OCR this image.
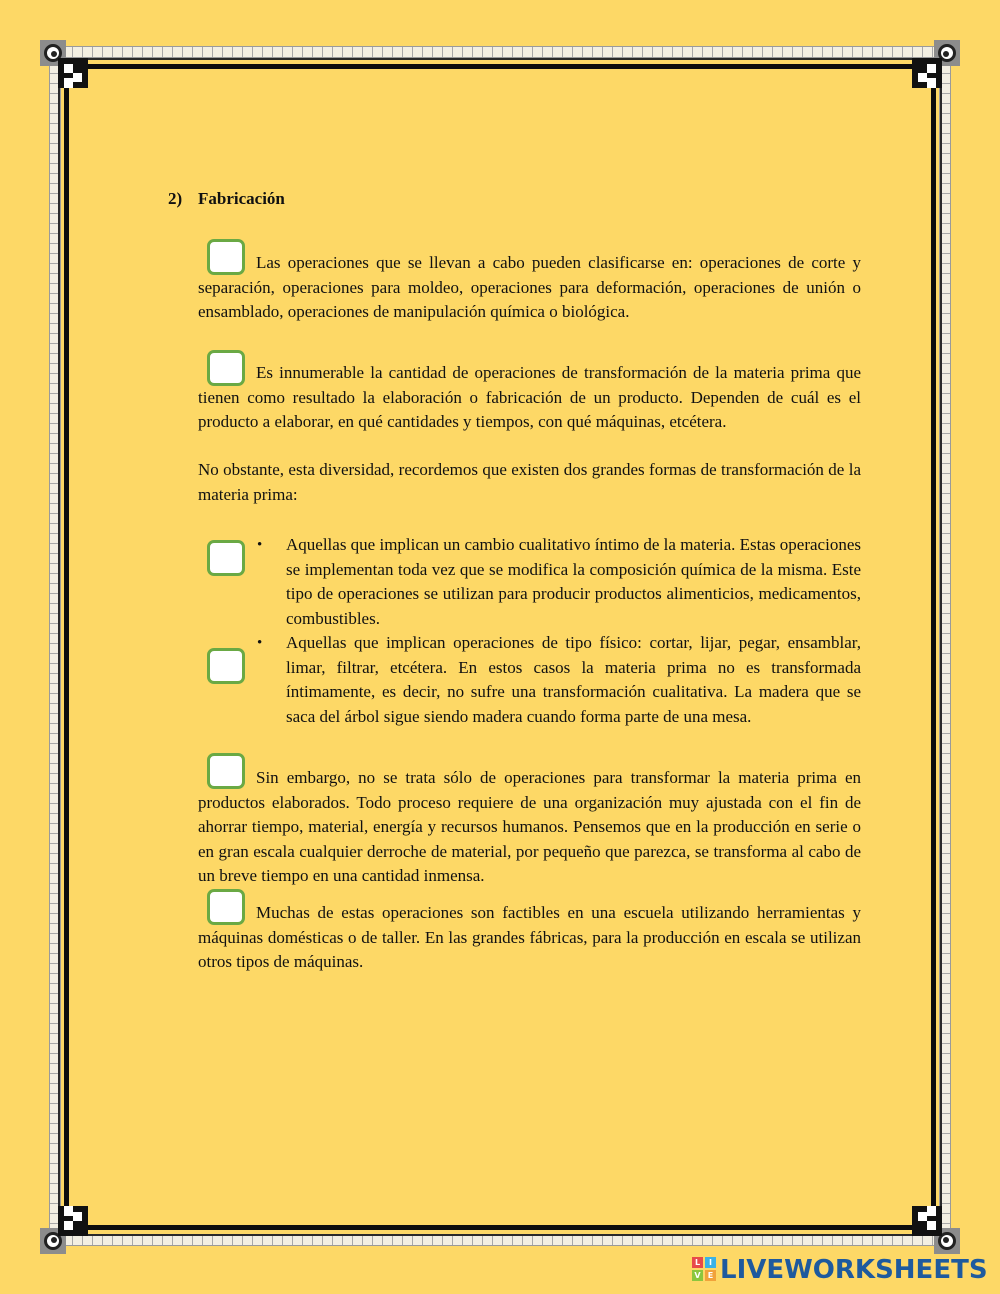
2) Fabricación
Las operaciones que se llevan a cabo pueden clasificarse en: operaciones de corte y separación, operaciones para moldeo, operaciones para deformación, operaciones de unión o ensamblado, operaciones de manipulación química o biológica.
Es innumerable la cantidad de operaciones de transformación de la materia prima que tienen como resultado la elaboración o fabricación de un producto. Dependen de cuál es el producto a elaborar, en qué cantidades y tiempos, con qué máquinas, etcétera.
No obstante, esta diversidad, recordemos que existen dos grandes formas de transformación de la materia prima:
• Aquellas que implican un cambio cualitativo íntimo de la materia. Estas operaciones se implementan toda vez que se modifica la composición química de la misma. Este tipo de operaciones se utilizan para producir productos alimenticios, medicamentos, combustibles.
• Aquellas que implican operaciones de tipo físico: cortar, lijar, pegar, ensamblar, limar, filtrar, etcétera. En estos casos la materia prima no es transformada íntimamente, es decir, no sufre una transformación cualitativa. La madera que se saca del árbol sigue siendo madera cuando forma parte de una mesa.
Sin embargo, no se trata sólo de operaciones para transformar la materia prima en productos elaborados. Todo proceso requiere de una organización muy ajustada con el fin de ahorrar tiempo, material, energía y recursos humanos. Pensemos que en la producción en serie o en gran escala cualquier derroche de material, por pequeño que parezca, se transforma al cabo de un breve tiempo en una cantidad inmensa.
Muchas de estas operaciones son factibles en una escuela utilizando herramientas y máquinas domésticas o de taller. En las grandes fábricas, para la producción en escala se utilizan otros tipos de máquinas.
L	I
V E LIVEWORKSHEETS
